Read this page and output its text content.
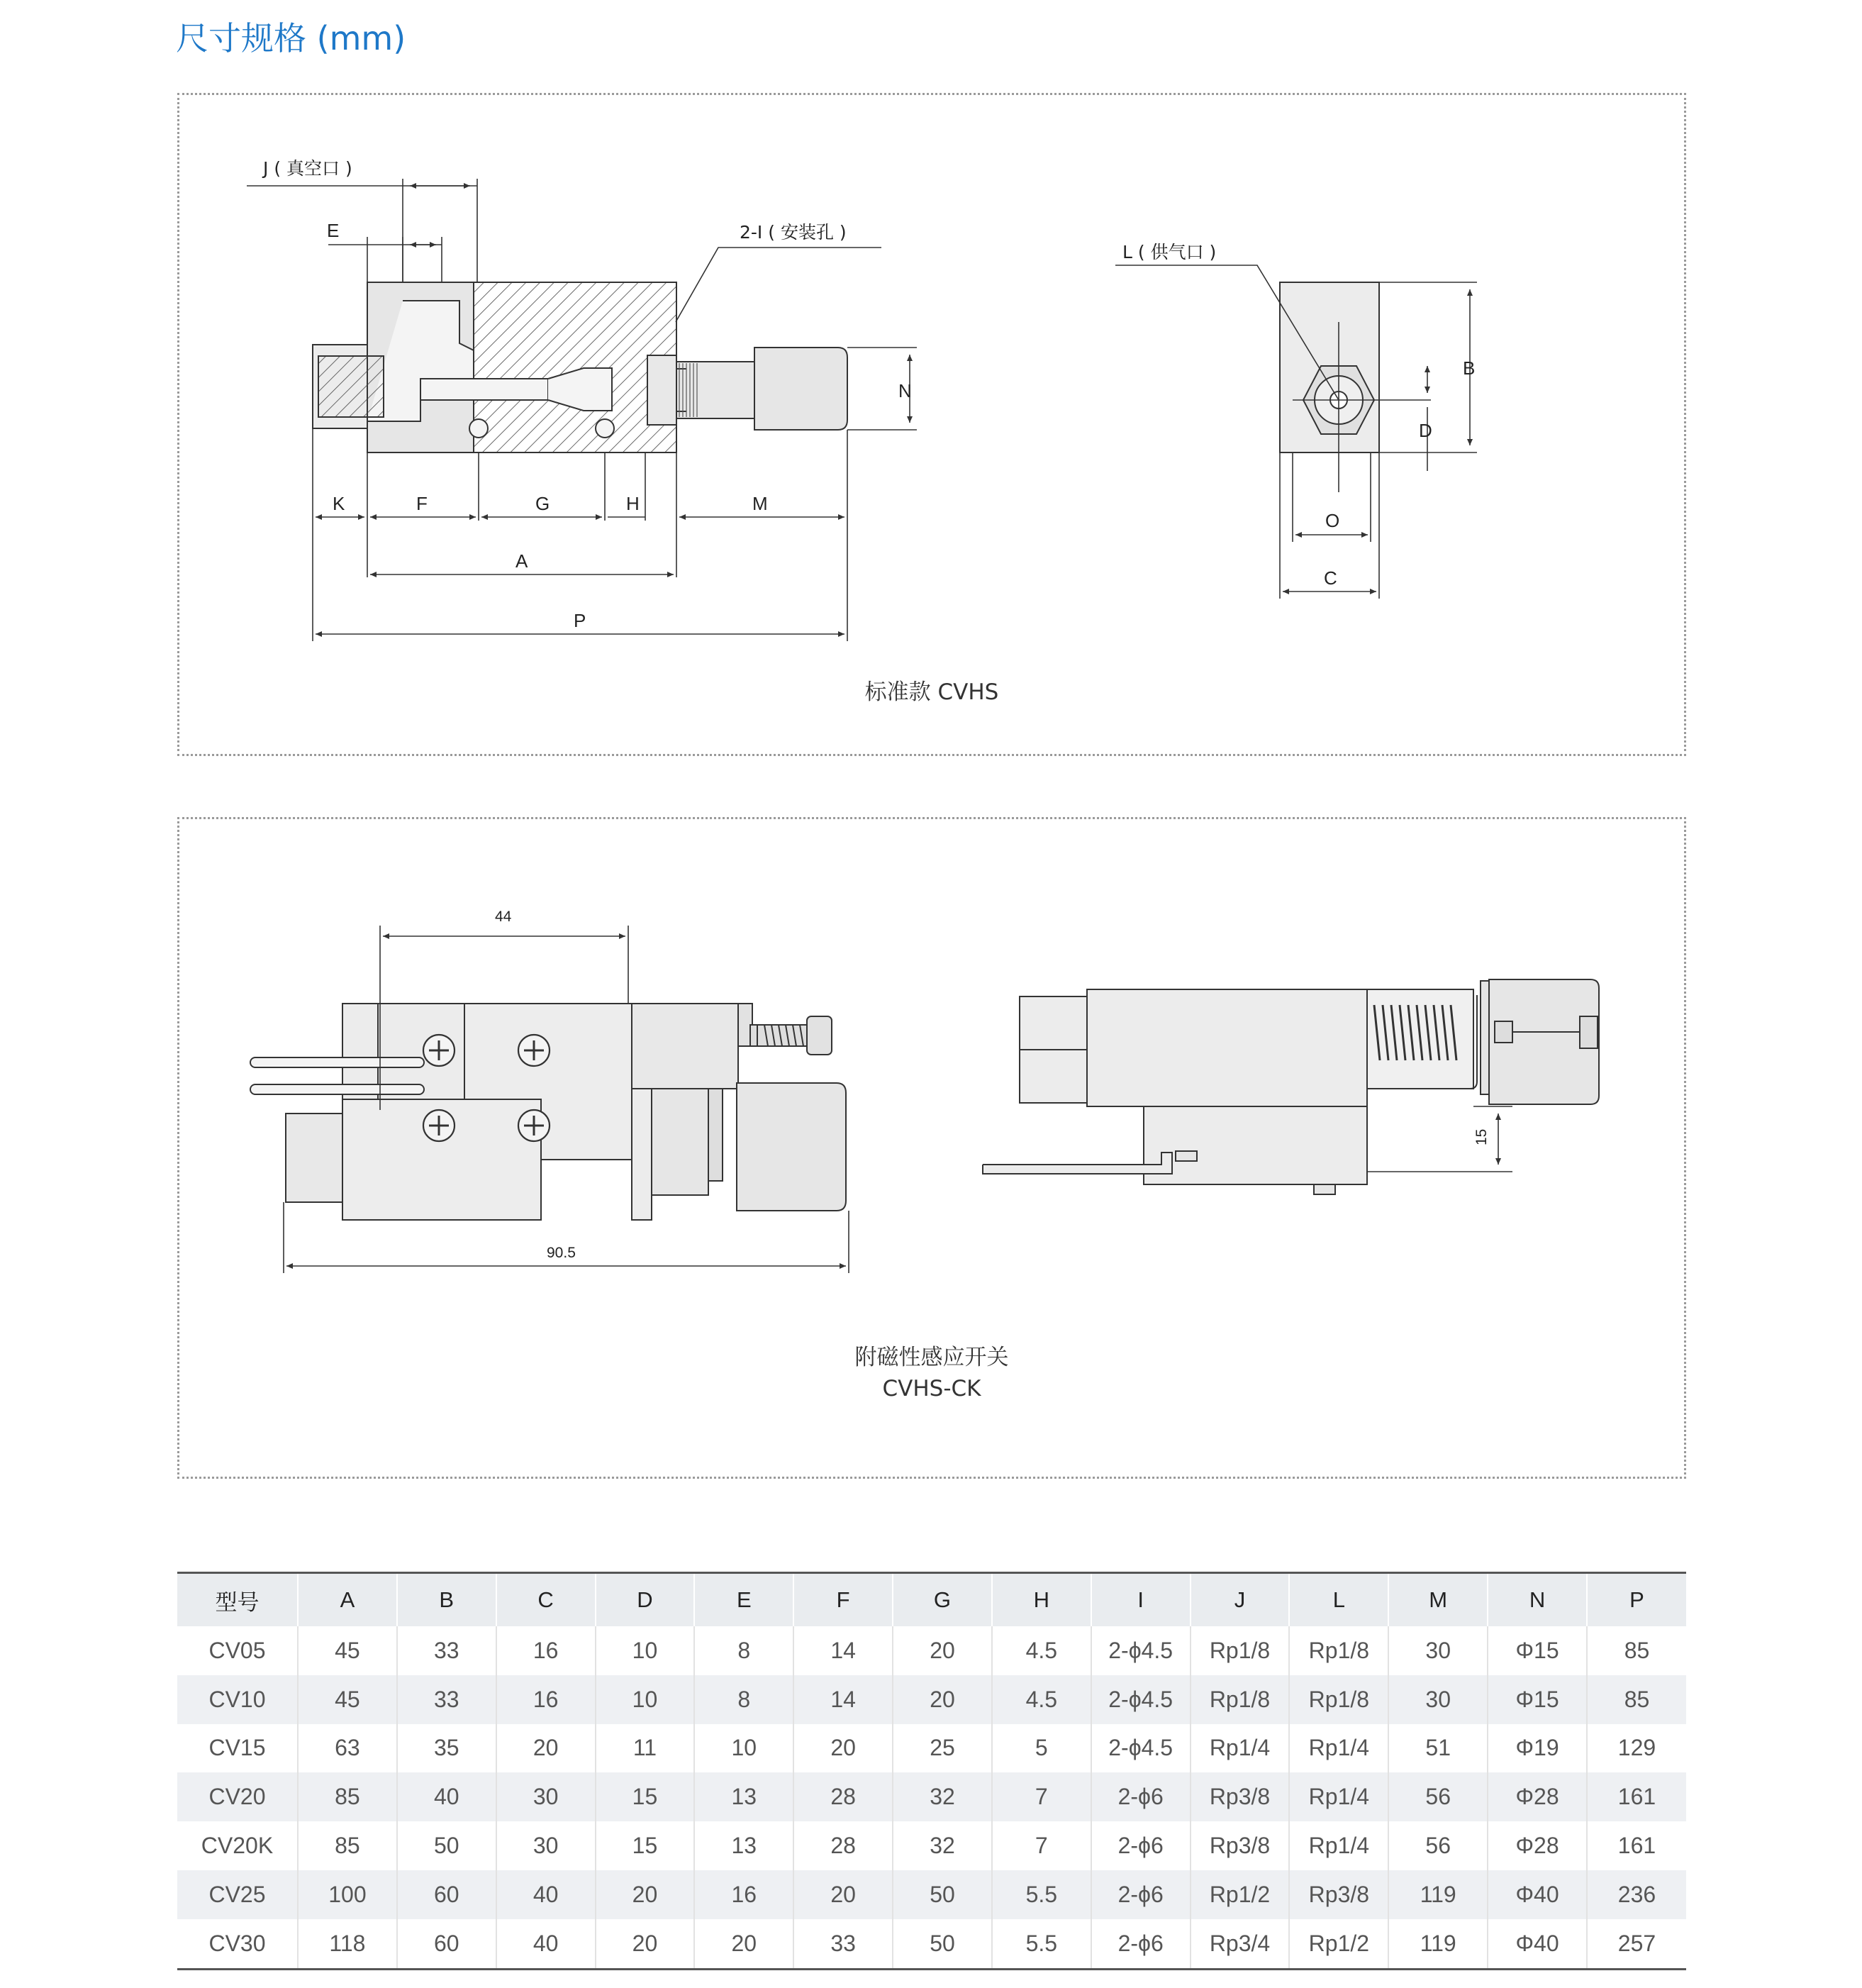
尺寸规格 (mm)
J ( 真空口 )
E	2-I ( 安装孔 )
N
K	F	G	H	M
A
P
L ( 供气口 )
B
D
O
C
标准款 CVHS
44
90.5
15
附磁性感应开关
CVHS-CK
型号	A	B	C	D	E	F	G	H	I	J	L	M	N	P
CV05	45	33	16	10	8	14	20	4.5	2-ϕ4.5	Rp1/8	Rp1/8	30	Φ15	85
CV10	45	33	16	10	8	14	20	4.5	2-ϕ4.5	Rp1/8	Rp1/8	30	Φ15	85
CV15	63	35	20	11	10	20	25	5	2-ϕ4.5	Rp1/4	Rp1/4	51	Φ19	129
CV20	85	40	30	15	13	28	32	7	2-ϕ6	Rp3/8	Rp1/4	56	Φ28	161
CV20K	85	50	30	15	13	28	32	7	2-ϕ6	Rp3/8	Rp1/4	56	Φ28	161
CV25	100	60	40	20	16	20	50	5.5	2-ϕ6	Rp1/2	Rp3/8	119	Φ40	236
CV30	118	60	40	20	20	33	50	5.5	2-ϕ6	Rp3/4	Rp1/2	119	Φ40	257
